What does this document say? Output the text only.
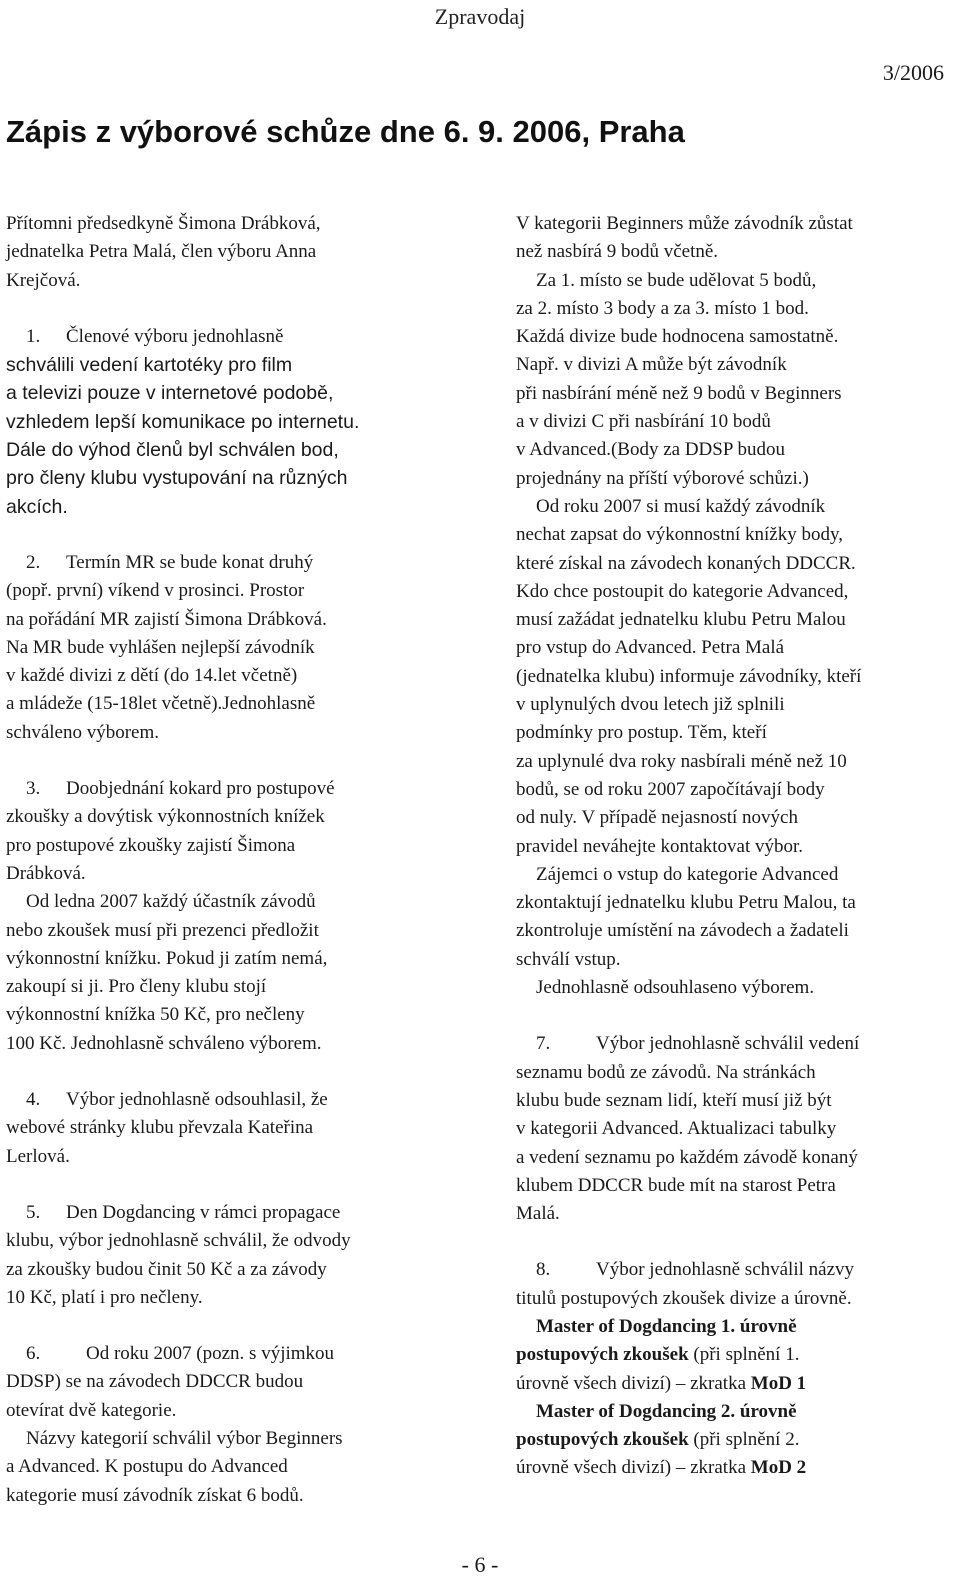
Zpravodaj
3/2006
Zápis z výborové schůze dne 6. 9. 2006, Praha
Přítomni předsedkyně Šimona Drábková,
jednatelka Petra Malá, člen výboru Anna
Krejčová.
1. Členové výboru jednohlasně
schválili vedení kartotéky pro film
a televizi pouze v internetové podobě,
vzhledem lepší komunikace po internetu.
Dále do výhod členů byl schválen bod,
pro členy klubu vystupování na různých
akcích.
2. Termín MR se bude konat druhý
(popř. první) víkend v prosinci. Prostor
na pořádání MR zajistí Šimona Drábková.
Na MR bude vyhlášen nejlepší závodník
v každé divizi z dětí (do 14.let včetně)
a mládeže (15-18let včetně).Jednohlasně
schváleno výborem.
3. Doobjednání kokard pro postupové
zkoušky a dovýtisk výkonnostních knížek
pro postupové zkoušky zajistí Šimona
Drábková.
Od ledna 2007 každý účastník závodů
nebo zkoušek musí při prezenci předložit
výkonnostní knížku. Pokud ji zatím nemá,
zakoupí si ji. Pro členy klubu stojí
výkonnostní knížka 50 Kč, pro nečleny
100 Kč. Jednohlasně schváleno výborem.
4. Výbor jednohlasně odsouhlasil, že
webové stránky klubu převzala Kateřina
Lerlová.
5. Den Dogdancing v rámci propagace
klubu, výbor jednohlasně schválil, že odvody
za zkoušky budou činit 50 Kč a za závody
10 Kč, platí i pro nečleny.
6. Od roku 2007 (pozn. s výjimkou
DDSP) se na závodech DDCCR budou
otevírat dvě kategorie.
Názvy kategorií schválil výbor Beginners
a Advanced. K postupu do Advanced
kategorie musí závodník získat 6 bodů.
V kategorii Beginners může závodník zůstat
než nasbírá 9 bodů včetně.
Za 1. místo se bude udělovat 5 bodů,
za 2. místo 3 body a za 3. místo 1 bod.
Každá divize bude hodnocena samostatně.
Např. v divizi A může být závodník
při nasbírání méně než 9 bodů v Beginners
a v divizi C při nasbírání 10 bodů
v Advanced.(Body za DDSP budou
projednány na příští výborové schůzi.)
Od roku 2007 si musí každý závodník
nechat zapsat do výkonnostní knížky body,
které získal na závodech konaných DDCCR.
Kdo chce postoupit do kategorie Advanced,
musí zažádat jednatelku klubu Petru Malou
pro vstup do Advanced. Petra Malá
(jednatelka klubu) informuje závodníky, kteří
v uplynulých dvou letech již splnili
podmínky pro postup. Těm, kteří
za uplynulé dva roky nasbírali méně než 10
bodů, se od roku 2007 započítávají body
od nuly. V případě nejasností nových
pravidel neváhejte kontaktovat výbor.
Zájemci o vstup do kategorie Advanced
zkontaktují jednatelku klubu Petru Malou, ta
zkontroluje umístění na závodech a žadateli
schválí vstup.
Jednohlasně odsouhlaseno výborem.
7. Výbor jednohlasně schválil vedení
seznamu bodů ze závodů. Na stránkách
klubu bude seznam lidí, kteří musí již být
v kategorii Advanced. Aktualizaci tabulky
a vedení seznamu po každém závodě konaný
klubem DDCCR bude mít na starost Petra
Malá.
8. Výbor jednohlasně schválil názvy
titulů postupových zkoušek divize a úrovně.
Master of Dogdancing 1. úrovně
postupových zkoušek (při splnění 1.
úrovně všech divizí) – zkratka MoD 1
Master of Dogdancing 2. úrovně
postupových zkoušek (při splnění 2.
úrovně všech divizí) – zkratka MoD 2
- 6 -
